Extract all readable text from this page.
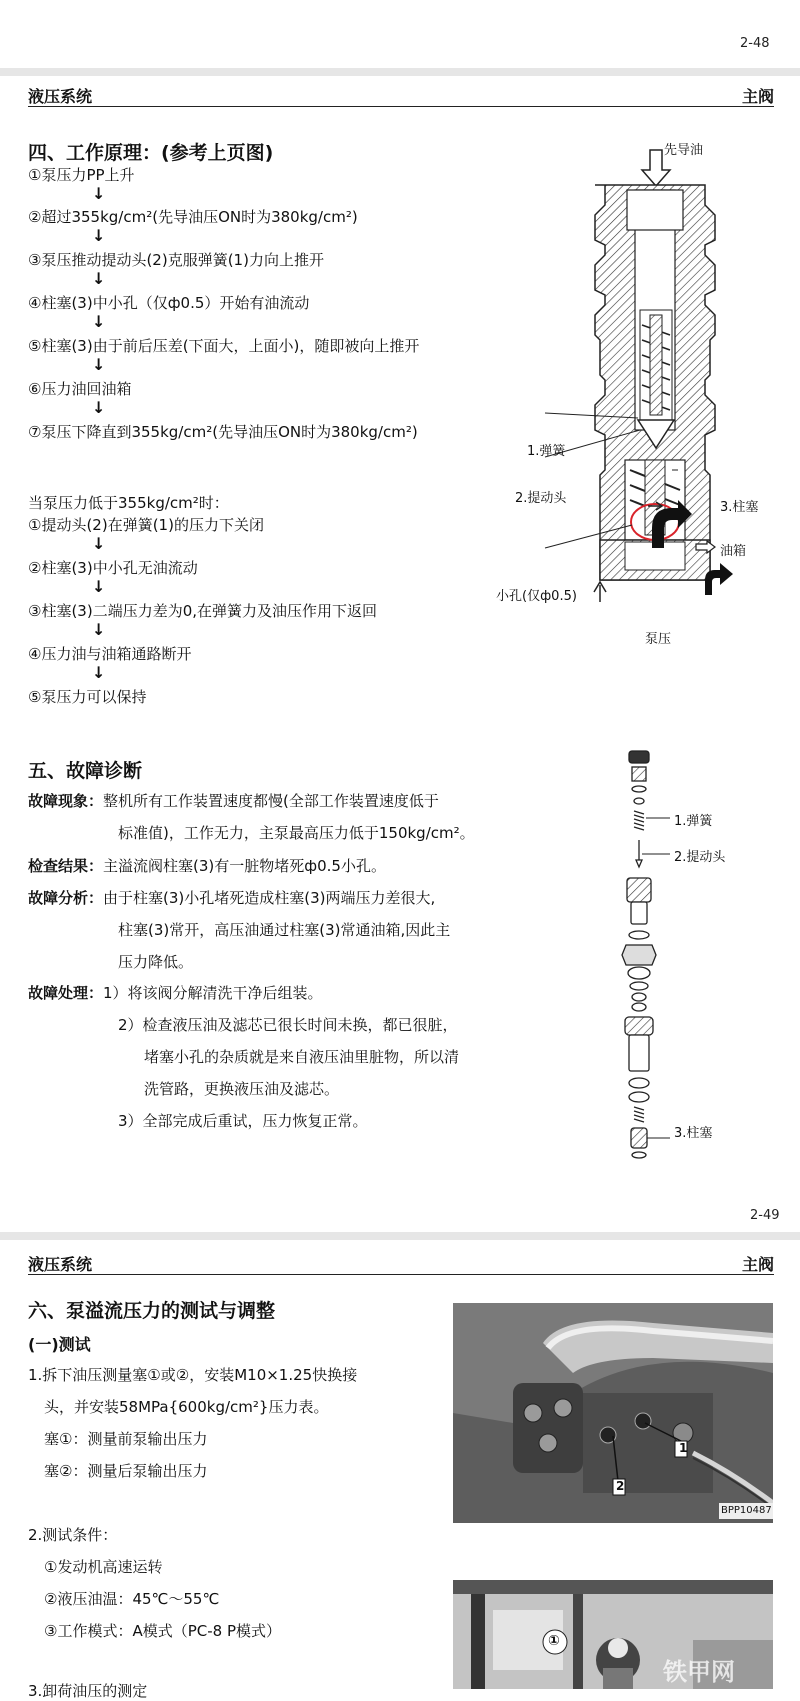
2-48
液压系统	主阀
四、工作原理：(参考上页图)
①泵压力PP上升
↓
②超过355kg/cm²(先导油压ON时为380kg/cm²)
↓
③泵压推动提动头(2)克服弹簧(1)力向上推开
↓
④柱塞(3)中小孔（仅ф0.5）开始有油流动
↓
⑤柱塞(3)由于前后压差(下面大，上面小)，随即被向上推开
↓
⑥压力油回油箱
↓
⑦泵压下降直到355kg/cm²(先导油压ON时为380kg/cm²)
当泵压力低于355kg/cm²时：
①提动头(2)在弹簧(1)的压力下关闭
↓
②柱塞(3)中小孔无油流动
↓
③柱塞(3)二端压力差为0,在弹簧力及油压作用下返回
↓
④压力油与油箱通路断开
↓
⑤泵压力可以保持
先导油
1.弹簧
2.提动头
3.柱塞
油箱
小孔(仅ф0.5)
泵压
五、故障诊断
故障现象：整机所有工作装置速度都慢(全部工作装置速度低于
标准值)，工作无力，主泵最高压力低于150kg/cm²。
检查结果：主溢流阀柱塞(3)有一脏物堵死ф0.5小孔。
故障分析：由于柱塞(3)小孔堵死造成柱塞(3)两端压力差很大,
柱塞(3)常开，高压油通过柱塞(3)常通油箱,因此主
压力降低。
故障处理：1）将该阀分解清洗干净后组装。
2）检查液压油及滤芯已很长时间未换，都已很脏，
堵塞小孔的杂质就是来自液压油里脏物，所以清
洗管路，更换液压油及滤芯。
3）全部完成后重试，压力恢复正常。
1.弹簧
2.提动头
3.柱塞
2-49
液压系统	主阀
六、泵溢流压力的测试与调整
(一)测试
1.拆下油压测量塞①或②，安装M10×1.25快换接
头，并安装58MPa{600kg/cm²}压力表。
塞①：测量前泵输出压力
塞②：测量后泵输出压力
2.测试条件：
①发动机高速运转
②液压油温：45℃～55℃
③工作模式：A模式（PC-8 P模式）
3.卸荷油压的测定
1
2
BPP10487
①
铁甲网
